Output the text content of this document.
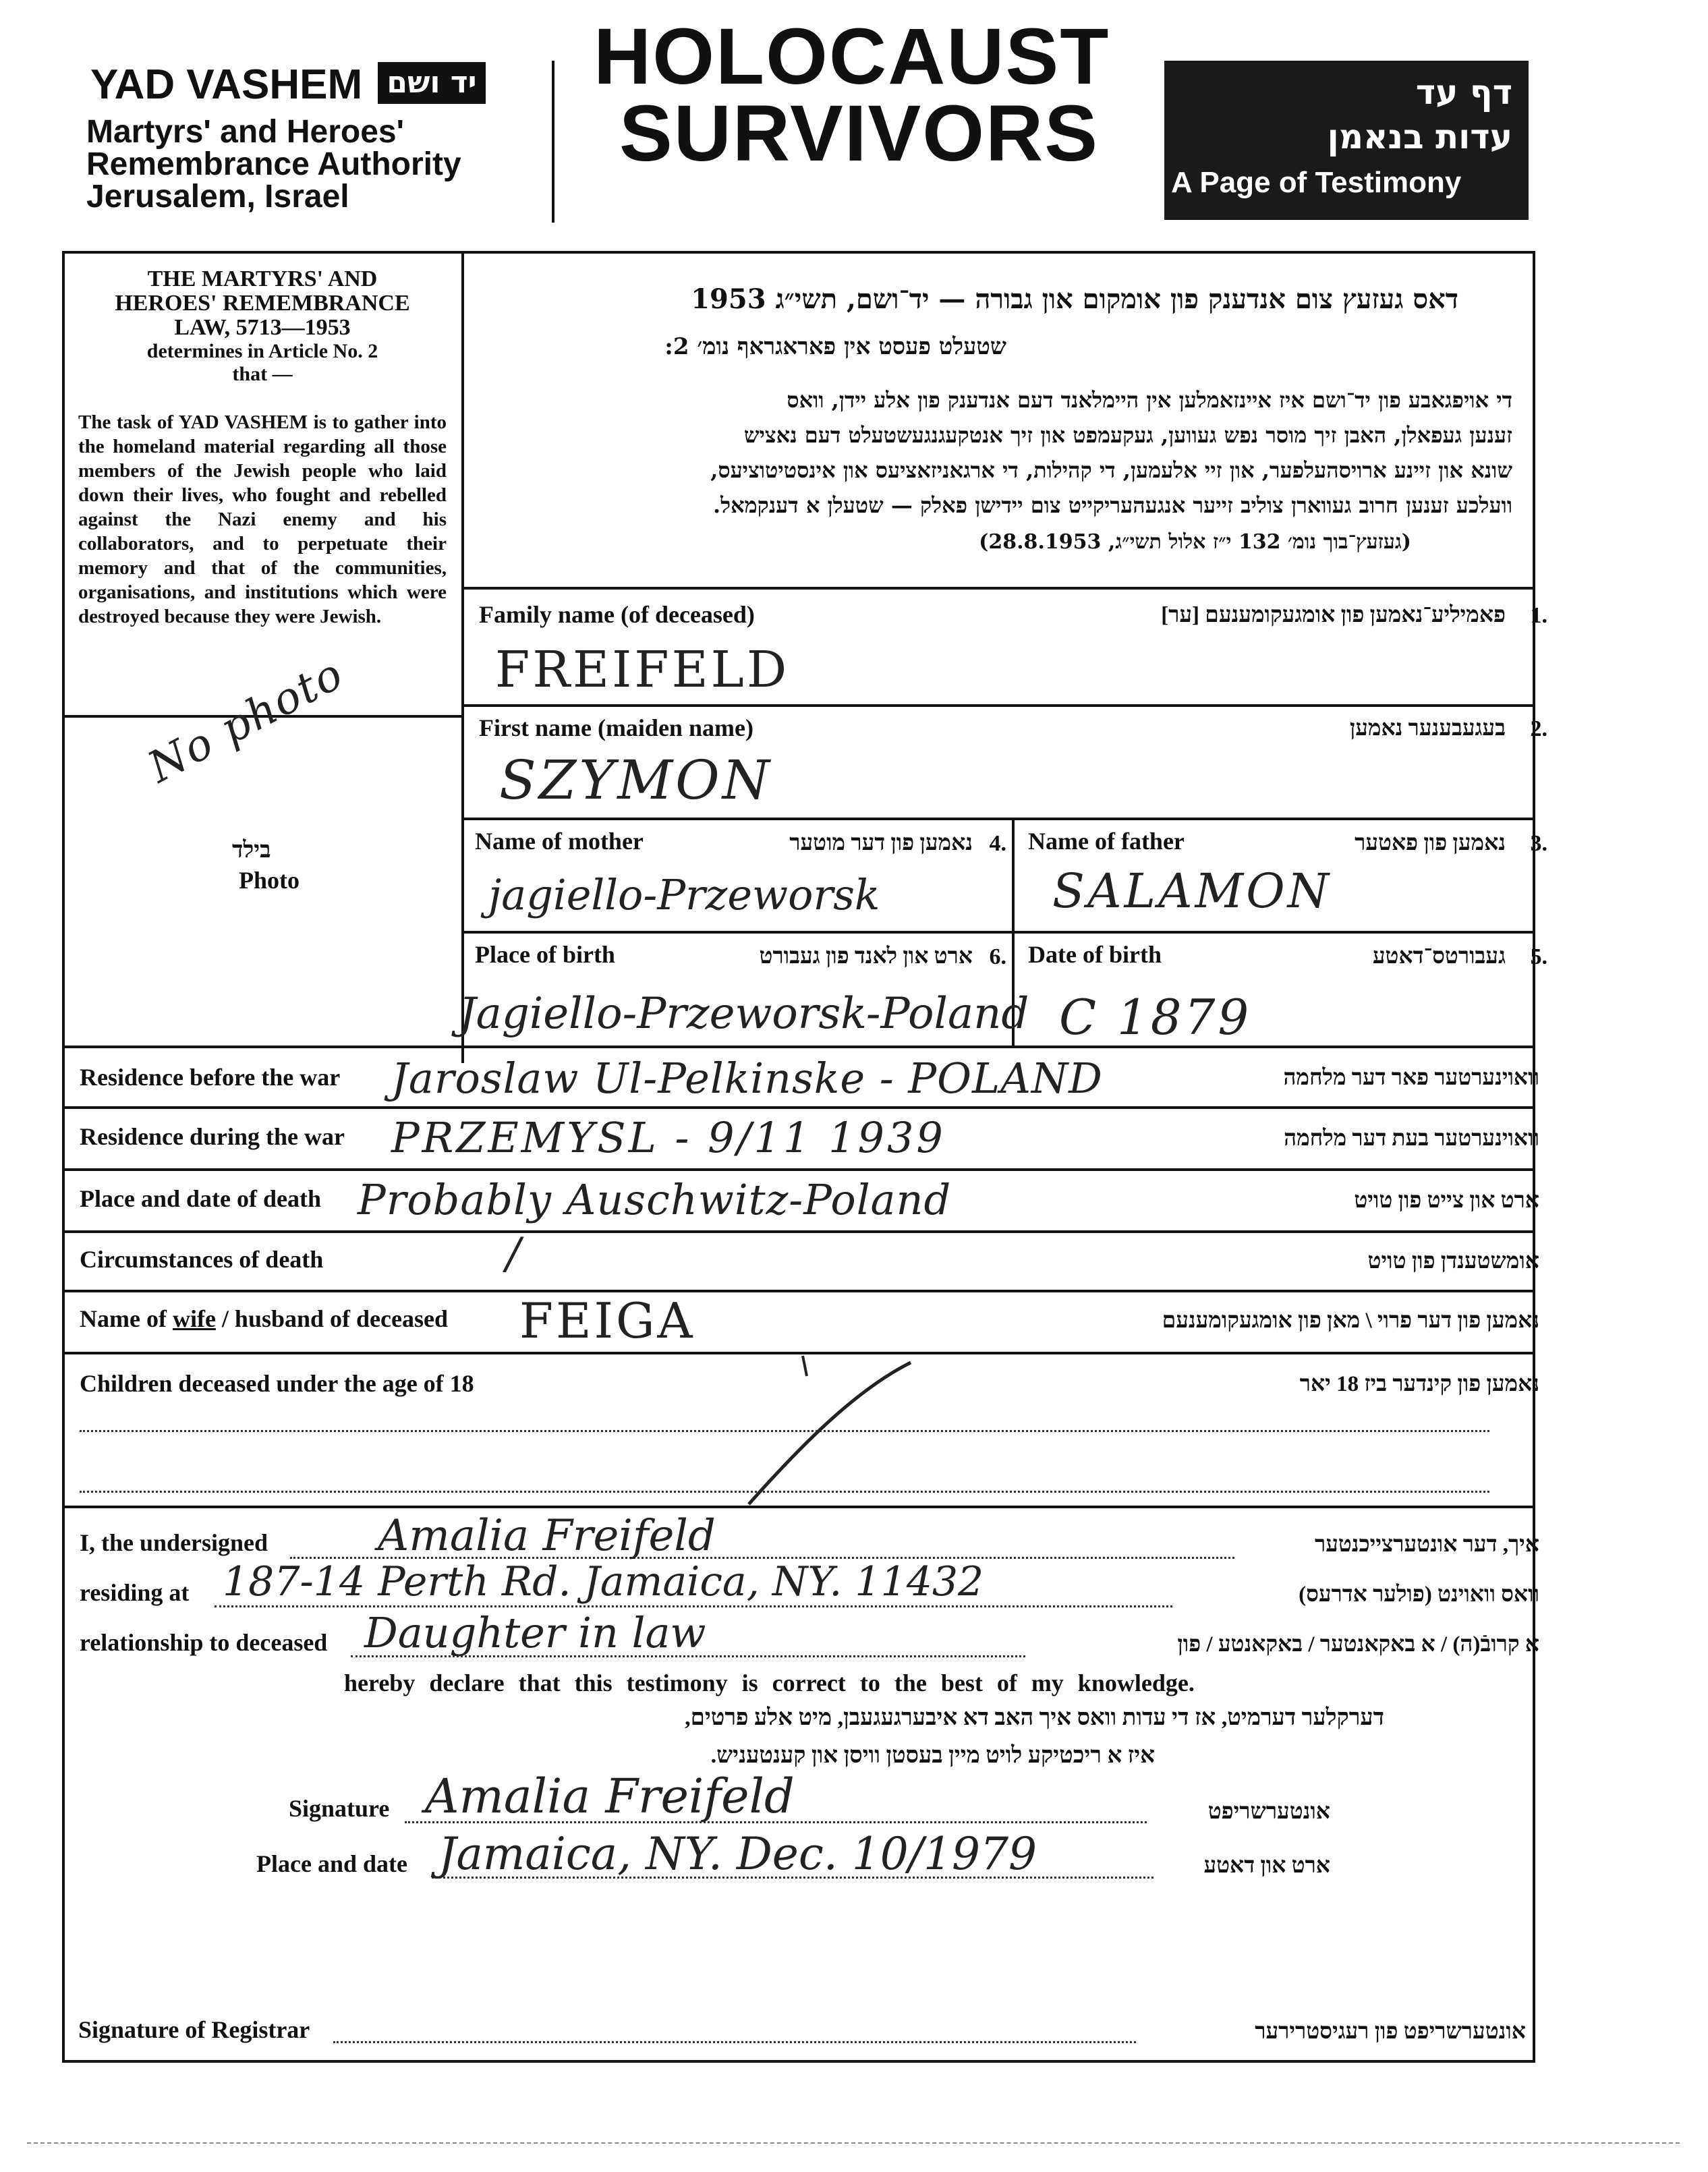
YAD VASHEM יד ושם
Martyrs' and Heroes'
Remembrance Authority
Jerusalem, Israel
HOLOCAUST
SURVIVORS	דף עד
עדות בנאמן
A Page of Testimony
THE MARTYRS' AND
HEROES' REMEMBRANCE
LAW, 5713—1953
determines in Article No. 2
that —
The task of YAD VASHEM is to gather into the homeland material regarding all those members of the Jewish people who laid down their lives, who fought and rebelled against the Nazi enemy and his collaborators, and to perpetuate their memory and that of the communities, organisations, and institutions which were destroyed because they were Jewish.
No photo
בילד
Photo
דאס געזעץ צום אנדענק פון אומקום און גבורה — יד־ושם, תשי״ג 1953
שטעלט פעסט אין פאראגראף נומ׳ 2:
די אויפגאבע פון יד־ושם איז איינזאמלען אין היימלאנד דעם אנדענק פון אלע יידן, וואס
זענען געפאלן, האבן זיך מוסר נפש געווען, געקעמפט און זיך אנטקעגנגעשטעלט דעם נאציש
שונא און זיינע ארויסהעלפער, און זיי אלעמען, די קהילות, די ארגאניזאציעס און אינסטיטוציעס,
וועלכע זענען חרוב געווארן צוליב זייער אנגעהעריקייט צום יידישן פאלק — שטעלן א דענקמאל.
(געזעץ־בוך נומ׳ 132 י״ז אלול תשי״ג, 28.8.1953)
Family name (of deceased)	פאמיליע־נאמען פון אומגעקומענעם [ער] 1.
FREIFELD
First name (maiden name)	בעגעבענער נאמען 2.
SZYMON
Name of mother	נאמען פון דער מוטער 4.
jagiello-Przeworsk
Name of father	נאמען פון פאטער 3.
SALAMON
Place of birth	ארט און לאנד פון געבורט 6.
Jagiello-Przeworsk-Poland
Date of birth	געבורטס־דאטע 5.
C 1879
Residence before the war Jaroslaw Ul-Pelkinske - POLAND	וואוינערטער פאר דער מלחמה
Residence during the war PRZEMYSL - 9/11 1939	וואוינערטער בעת דער מלחמה
Place and date of death Probably Auschwitz-Poland	ארט און צייט פון טויט
Circumstances of death	/	אומשטענדן פון טויט
Name of wife / husband of deceased FEIGA	נאמען פון דער פרוי \ מאן פון אומגעקומענעם
Children deceased under the age of 18	נאמען פון קינדער ביז 18 יאר
I, the undersigned	Amalia Freifeld	איך, דער אונטערצייכנטער
residing at 187-14 Perth Rd. Jamaica, NY. 11432	וואס וואוינט (פולער אדרעס)
relationship to deceased Daughter in law	א קרובֿ(ה) / א באקאנטער / באקאנטע / פון
hereby declare that this testimony is correct to the best of my knowledge.
דערקלער דערמיט, אז די עדות וואס איך האב דא איבערגעגעבן, מיט אלע פרטים,
איז א ריכטיקע לויט מיין בעסטן וויסן און קענטעניש.
Signature Amalia Freifeld	אונטערשריפט
Place and date Jamaica, NY. Dec. 10/1979	ארט און דאטע
Signature of Registrar	אונטערשריפט פון רעגיסטרירער
